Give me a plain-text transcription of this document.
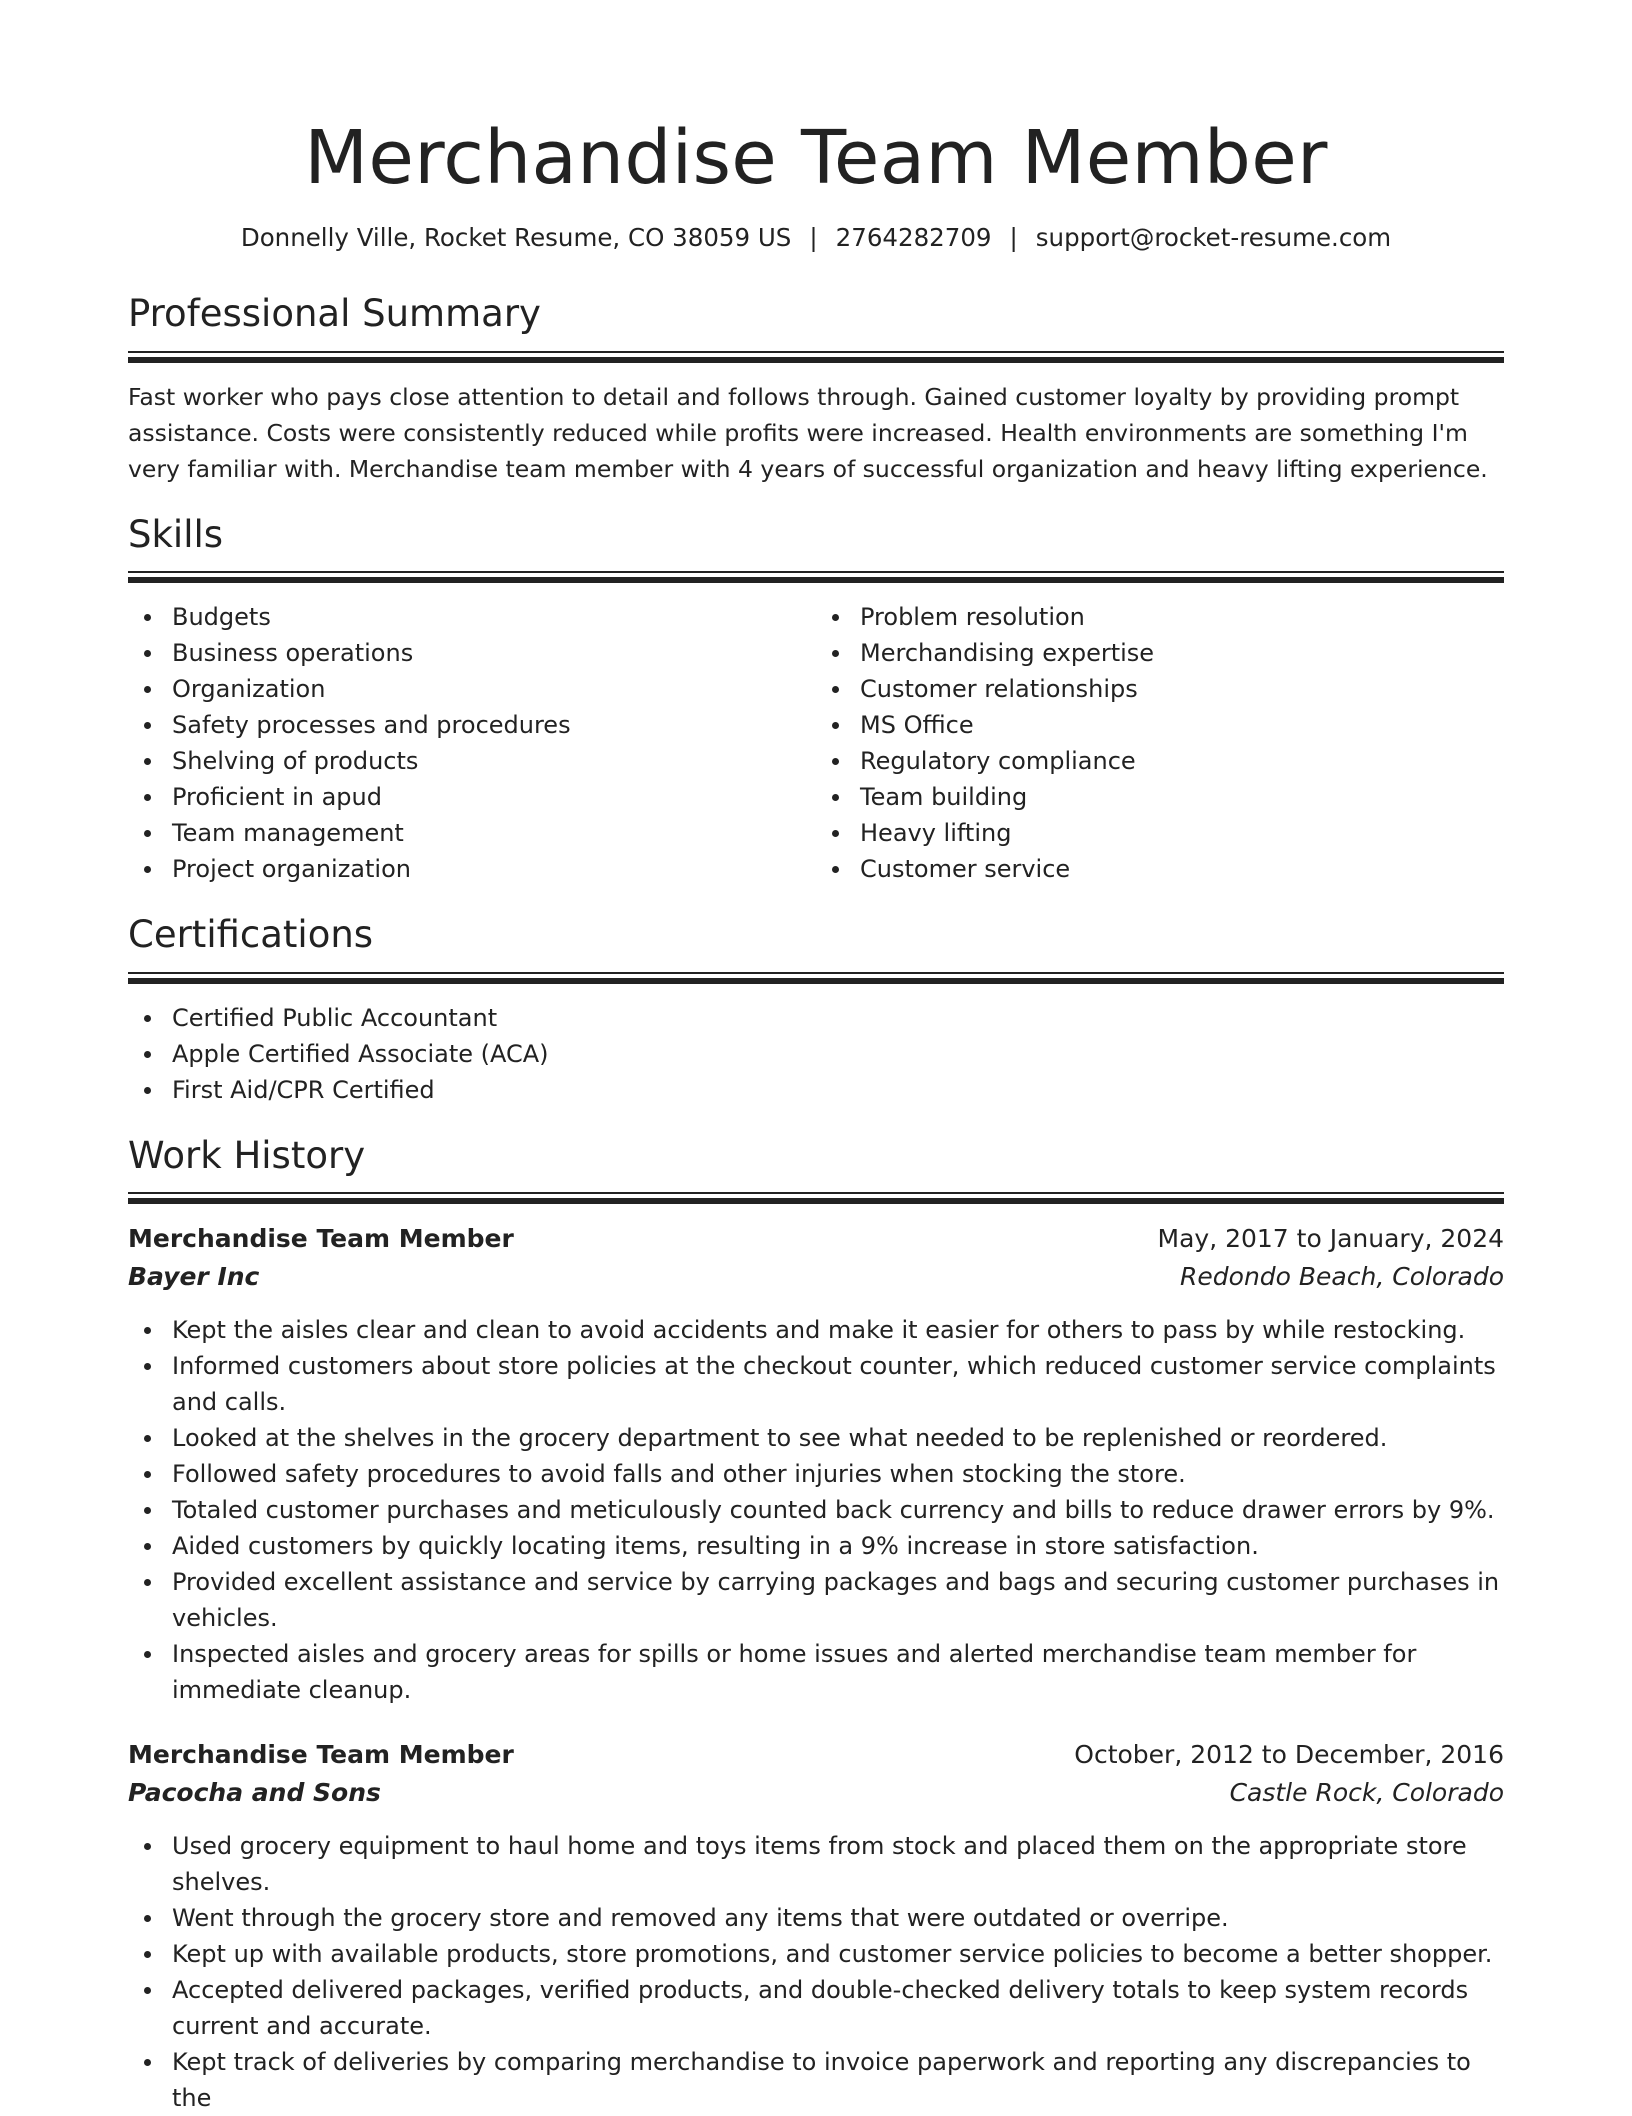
Merchandise Team Member
Donnelly Ville, Rocket Resume, CO 38059 US | 2764282709 | support@rocket-resume.com
Professional Summary

Fast worker who pays close attention to detail and follows through. Gained customer loyalty by providing prompt assistance. Costs were consistently reduced while profits were increased. Health environments are something I'm very familiar with. Merchandise team member with 4 years of successful organization and heavy lifting experience.

Skills
Budgets
Business operations
Organization
Safety processes and procedures
Shelving of products
Proficient in apud
Team management
Project organization
Problem resolution
Merchandising expertise
Customer relationships
MS Office
Regulatory compliance
Team building
Heavy lifting
Customer service
Certifications
Certified Public Accountant
Apple Certified Associate (ACA)
First Aid/CPR Certified
Work History
Merchandise Team Member	May, 2017 to January, 2024
Bayer Inc	Redondo Beach, Colorado
Kept the aisles clear and clean to avoid accidents and make it easier for others to pass by while restocking.
Informed customers about store policies at the checkout counter, which reduced customer service complaints and calls.
Looked at the shelves in the grocery department to see what needed to be replenished or reordered.
Followed safety procedures to avoid falls and other injuries when stocking the store.
Totaled customer purchases and meticulously counted back currency and bills to reduce drawer errors by 9%.
Aided customers by quickly locating items, resulting in a 9% increase in store satisfaction.
Provided excellent assistance and service by carrying packages and bags and securing customer purchases in vehicles.
Inspected aisles and grocery areas for spills or home issues and alerted merchandise team member for immediate cleanup.
Merchandise Team Member	October, 2012 to December, 2016
Pacocha and Sons	Castle Rock, Colorado
Used grocery equipment to haul home and toys items from stock and placed them on the appropriate store shelves.
Went through the grocery store and removed any items that were outdated or overripe.
Kept up with available products, store promotions, and customer service policies to become a better shopper.
Accepted delivered packages, verified products, and double-checked delivery totals to keep system records current and accurate.
Kept track of deliveries by comparing merchandise to invoice paperwork and reporting any discrepancies to the
